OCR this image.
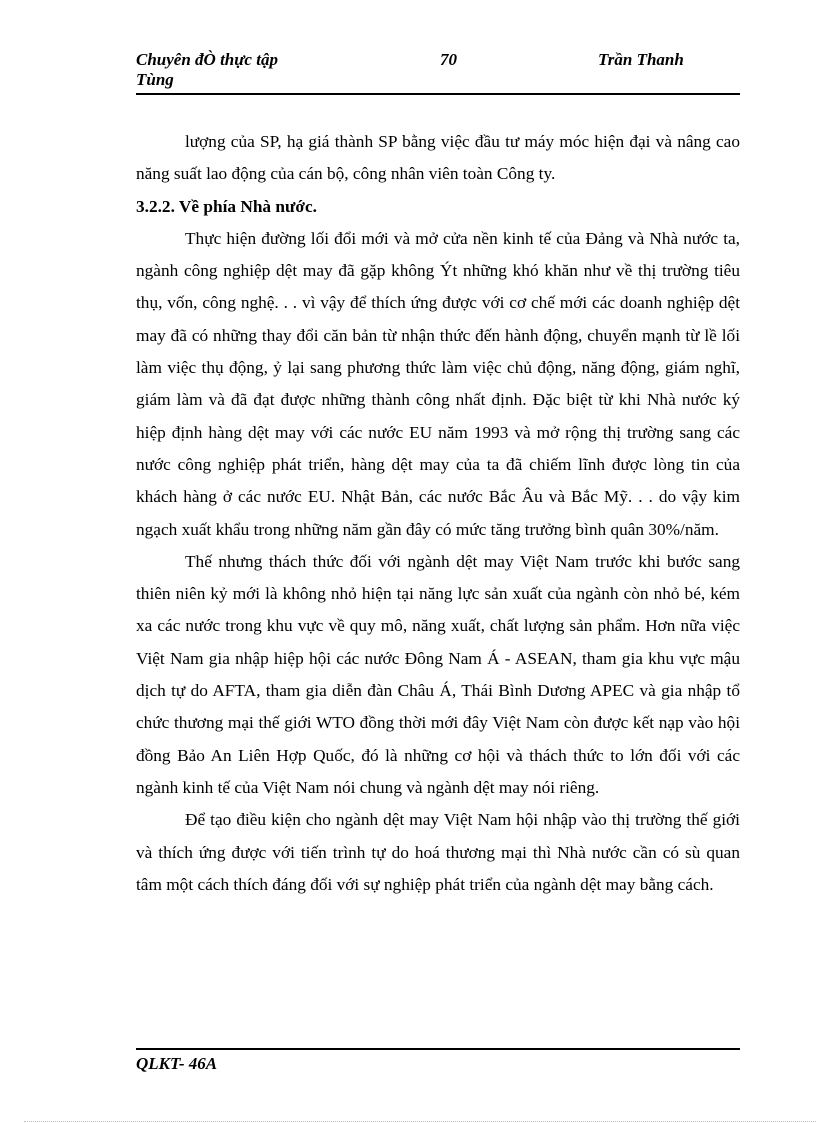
Chuyên đÒ thực tập
Tùng
70	Trần Thanh

lượng của SP, hạ giá thành SP bằng việc đầu tư máy móc hiện đại và nâng cao năng suất lao động của cán bộ, công nhân viên toàn Công ty.

3.2.2. Về phía Nhà nước.

Thực hiện đường lối đổi mới và mở cửa nền kinh tế của Đảng và Nhà nước ta, ngành công nghiệp dệt may đã gặp không Ýt những khó khăn như về thị trường tiêu thụ, vốn, công nghệ. . . vì vậy để thích ứng được với cơ chế mới các doanh nghiệp dệt may đã có những thay đổi căn bản từ nhận thức đến hành động, chuyển mạnh từ lề lối làm việc thụ động, ỷ lại sang phương thức làm việc chủ động, năng động, giám nghĩ, giám làm và đã đạt được những thành công nhất định. Đặc biệt từ khi Nhà nước ký hiệp định hàng dệt may với các nước EU năm 1993 và mở rộng thị trường sang các nước công nghiệp phát triển, hàng dệt may của ta đã chiếm lĩnh được lòng tin của khách hàng ở các nước EU. Nhật Bản, các nước Bắc Âu và Bắc Mỹ. . . do vậy kim ngạch xuất khẩu trong những năm gần đây có mức tăng trưởng bình quân 30%/năm.

Thế nhưng thách thức đối với ngành dệt may Việt Nam trước khi bước sang thiên niên kỷ mới là không nhỏ hiện tại năng lực sản xuất của ngành còn nhỏ bé, kém xa các nước trong khu vực về quy mô, năng xuất, chất lượng sản phẩm. Hơn nữa việc Việt Nam gia nhập hiệp hội các nước Đông Nam Á - ASEAN, tham gia khu vực mậu dịch tự do AFTA, tham gia diễn đàn Châu Á, Thái Bình Dương APEC và gia nhập tổ chức thương mại thế giới WTO đồng thời mới đây Việt Nam còn được kết nạp vào hội đồng Bảo An Liên Hợp Quốc, đó là những cơ hội và thách thức to lớn đối với các ngành kinh tế của Việt Nam nói chung và ngành dệt may nói riêng.

Để tạo điều kiện cho ngành dệt may Việt Nam hội nhập vào thị trường thế giới và thích ứng được với tiến trình tự do hoá thương mại thì Nhà nước cần có sù quan tâm một cách thích đáng đối với sự nghiệp phát triển của ngành dệt may bằng cách.

QLKT- 46A
